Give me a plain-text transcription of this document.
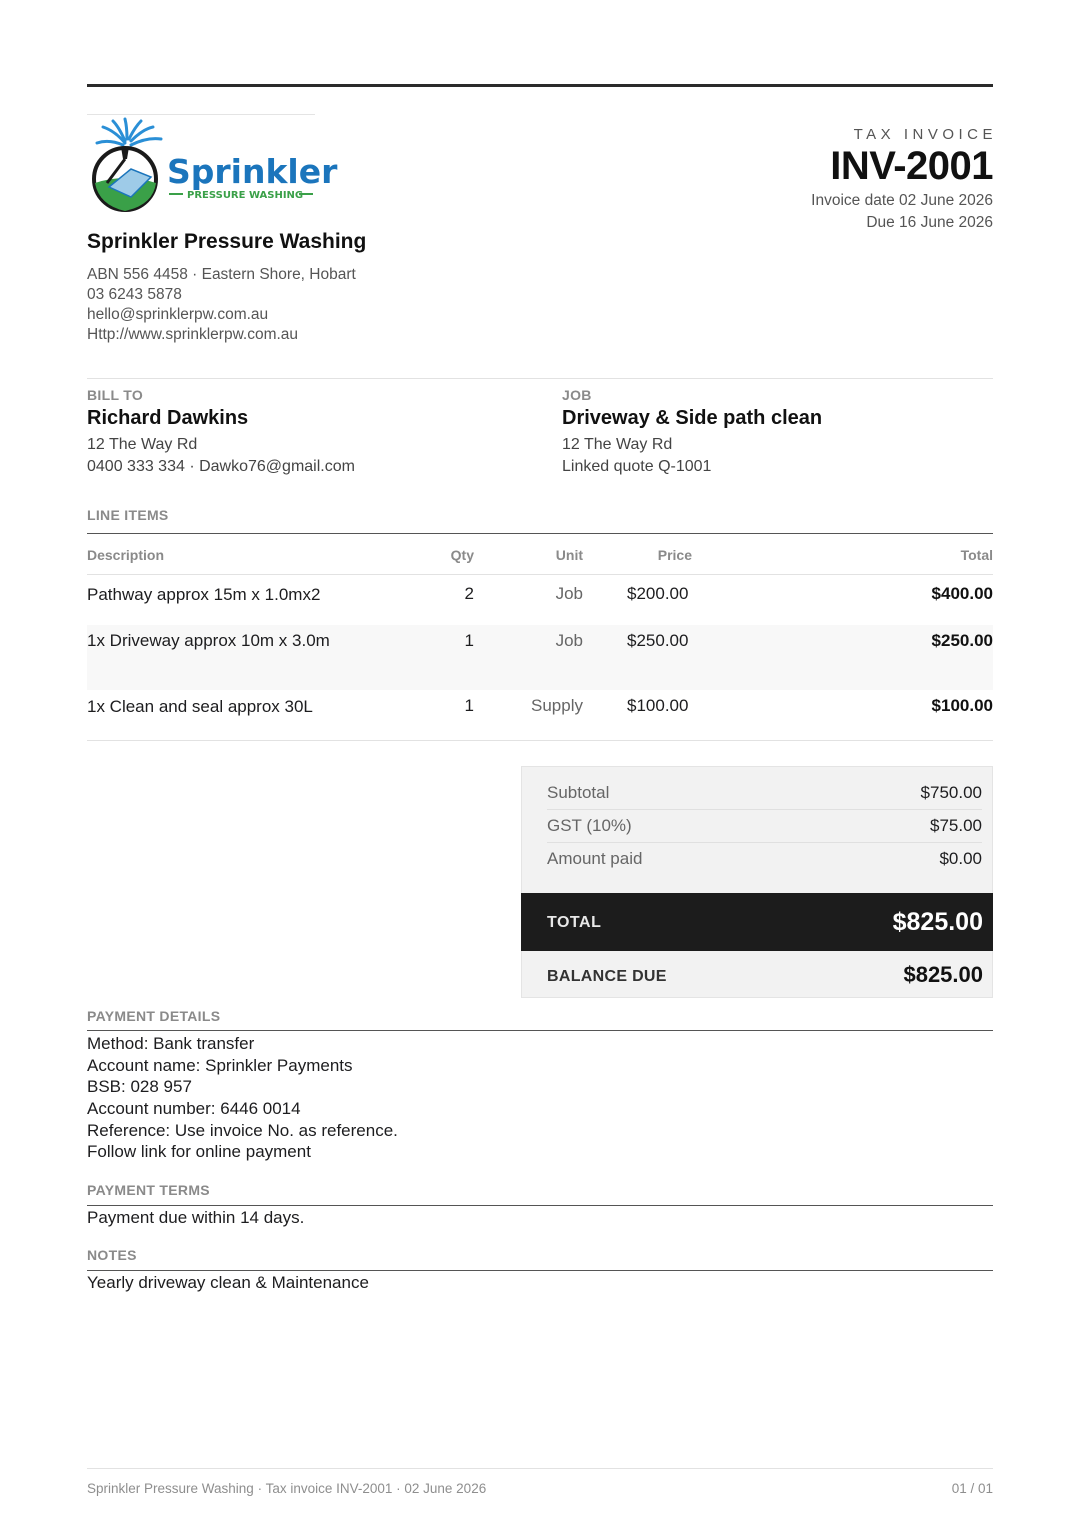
Sprinkler
PRESSURE WASHING
Sprinkler Pressure Washing
ABN 556 4458 · Eastern Shore, Hobart
03 6243 5878
hello@sprinklerpw.com.au
Http://www.sprinklerpw.com.au
TAX INVOICE
INV-2001
Invoice date 02 June 2026
Due 16 June 2026
BILL TO
Richard Dawkins
12 The Way Rd
0400 333 334 · Dawko76@gmail.com
JOB
Driveway & Side path clean
12 The Way Rd
Linked quote Q-1001
LINE ITEMS
Description	Qty	Unit	Price	Total
Pathway approx 15m x 1.0mx2	2	Job	$200.00	$400.00
1x Driveway approx 10m x 3.0m	1	Job	$250.00	$250.00
1x Clean and seal approx 30L	1	Supply	$100.00	$100.00
Subtotal	$750.00
GST (10%)	$75.00
Amount paid	$0.00
TOTAL	$825.00
BALANCE DUE	$825.00
PAYMENT DETAILS
Method: Bank transfer
Account name: Sprinkler Payments
BSB: 028 957
Account number: 6446 0014
Reference: Use invoice No. as reference.
Follow link for online payment
PAYMENT TERMS
Payment due within 14 days.
NOTES
Yearly driveway clean & Maintenance
Sprinkler Pressure Washing · Tax invoice INV-2001 · 02 June 2026	01 / 01
